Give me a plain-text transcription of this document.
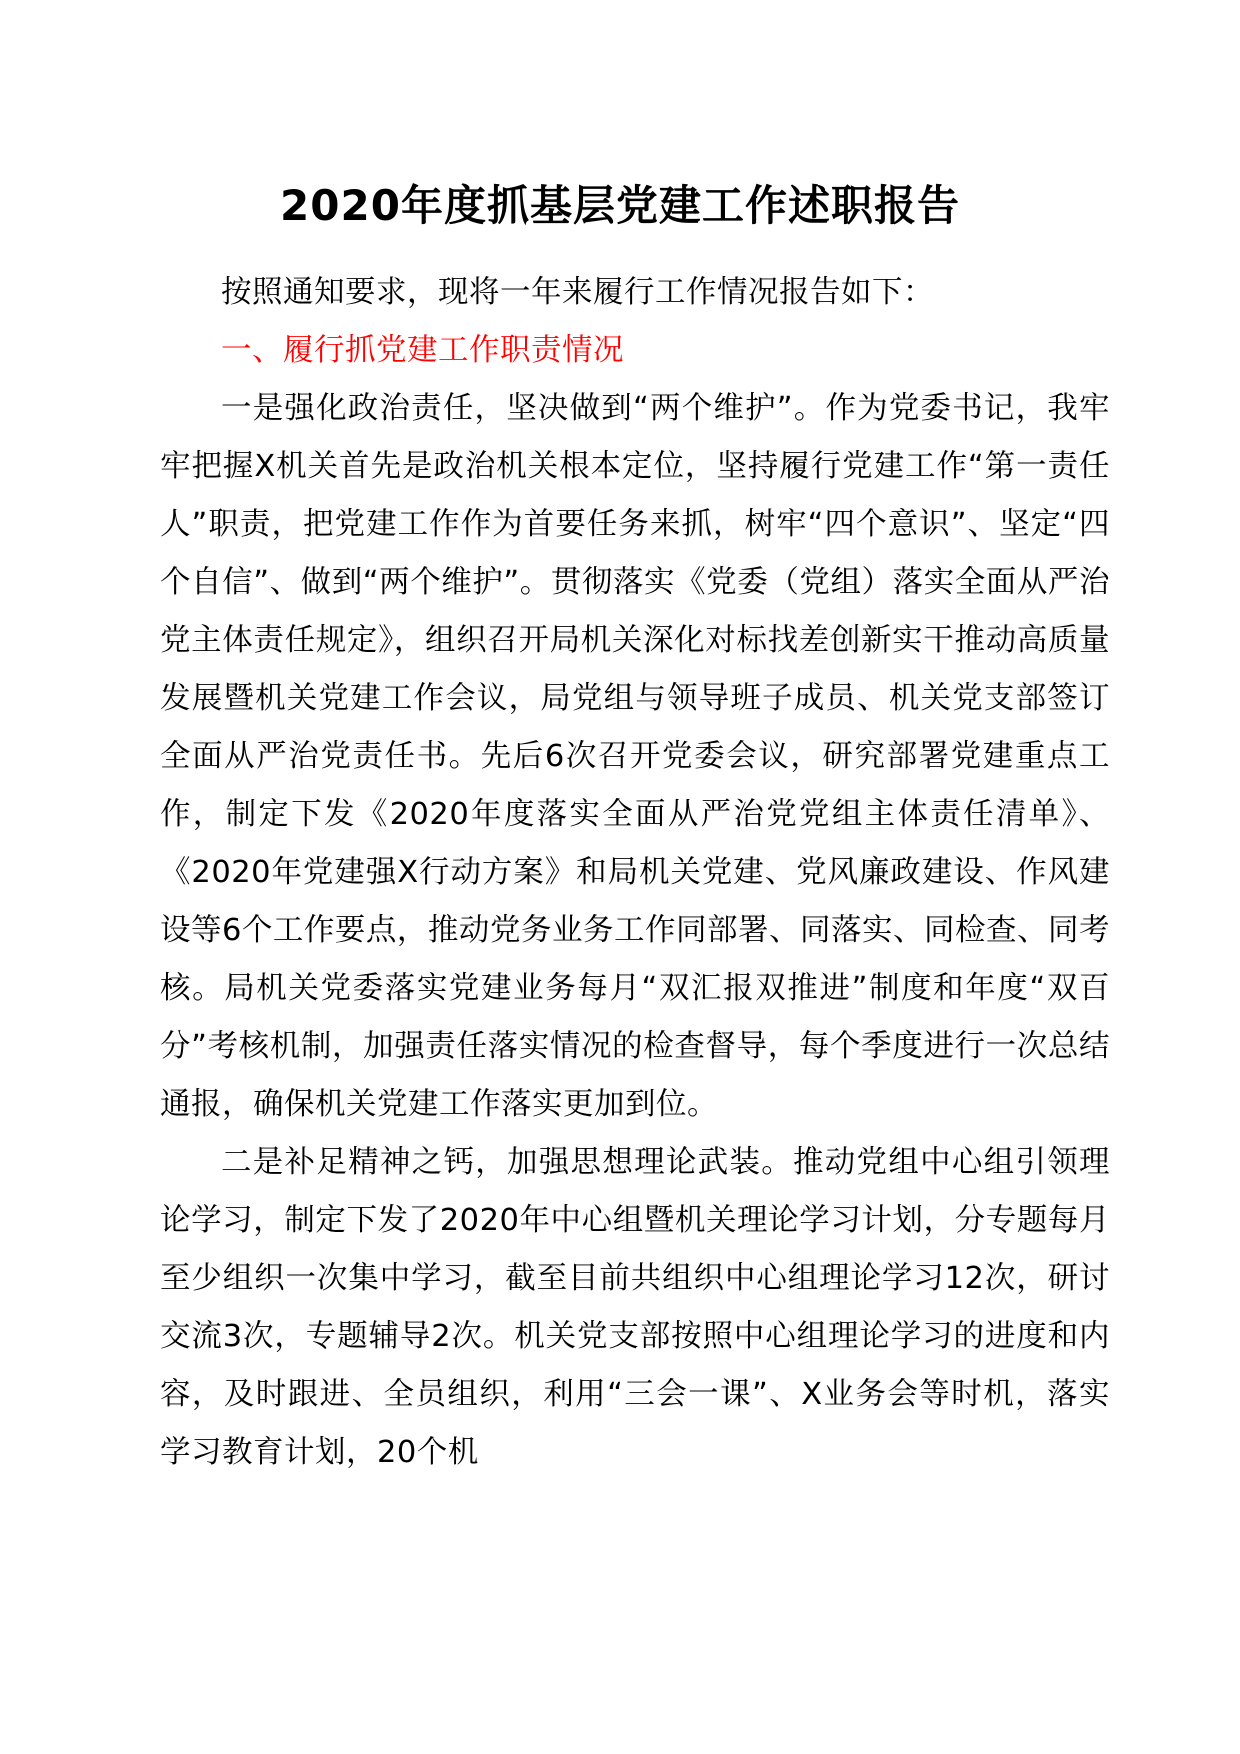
2020年度抓基层党建工作述职报告

按照通知要求，现将一年来履行工作情况报告如下：

一、履行抓党建工作职责情况

一是强化政治责任，坚决做到“两个维护”。作为党委书记，我牢牢把握X机关首先是政治机关根本定位，坚持履行党建工作“第一责任人”职责，把党建工作作为首要任务来抓，树牢“四个意识”、坚定“四个自信”、做到“两个维护”。贯彻落实《党委（党组）落实全面从严治党主体责任规定》，组织召开局机关深化对标找差创新实干推动高质量发展暨机关党建工作会议，局党组与领导班子成员、机关党支部签订全面从严治党责任书。先后6次召开党委会议，研究部署党建重点工作，制定下发《2020年度落实全面从严治党党组主体责任清单》、《2020年党建强X行动方案》和局机关党建、党风廉政建设、作风建设等6个工作要点，推动党务业务工作同部署、同落实、同检查、同考核。局机关党委落实党建业务每月“双汇报双推进”制度和年度“双百分”考核机制，加强责任落实情况的检查督导，每个季度进行一次总结通报，确保机关党建工作落实更加到位。

二是补足精神之钙，加强思想理论武装。推动党组中心组引领理论学习，制定下发了2020年中心组暨机关理论学习计划，分专题每月至少组织一次集中学习，截至目前共组织中心组理论学习12次，研讨交流3次，专题辅导2次。机关党支部按照中心组理论学习的进度和内容，及时跟进、全员组织，利用“三会一课”、X业务会等时机，落实学习教育计划，20个机
